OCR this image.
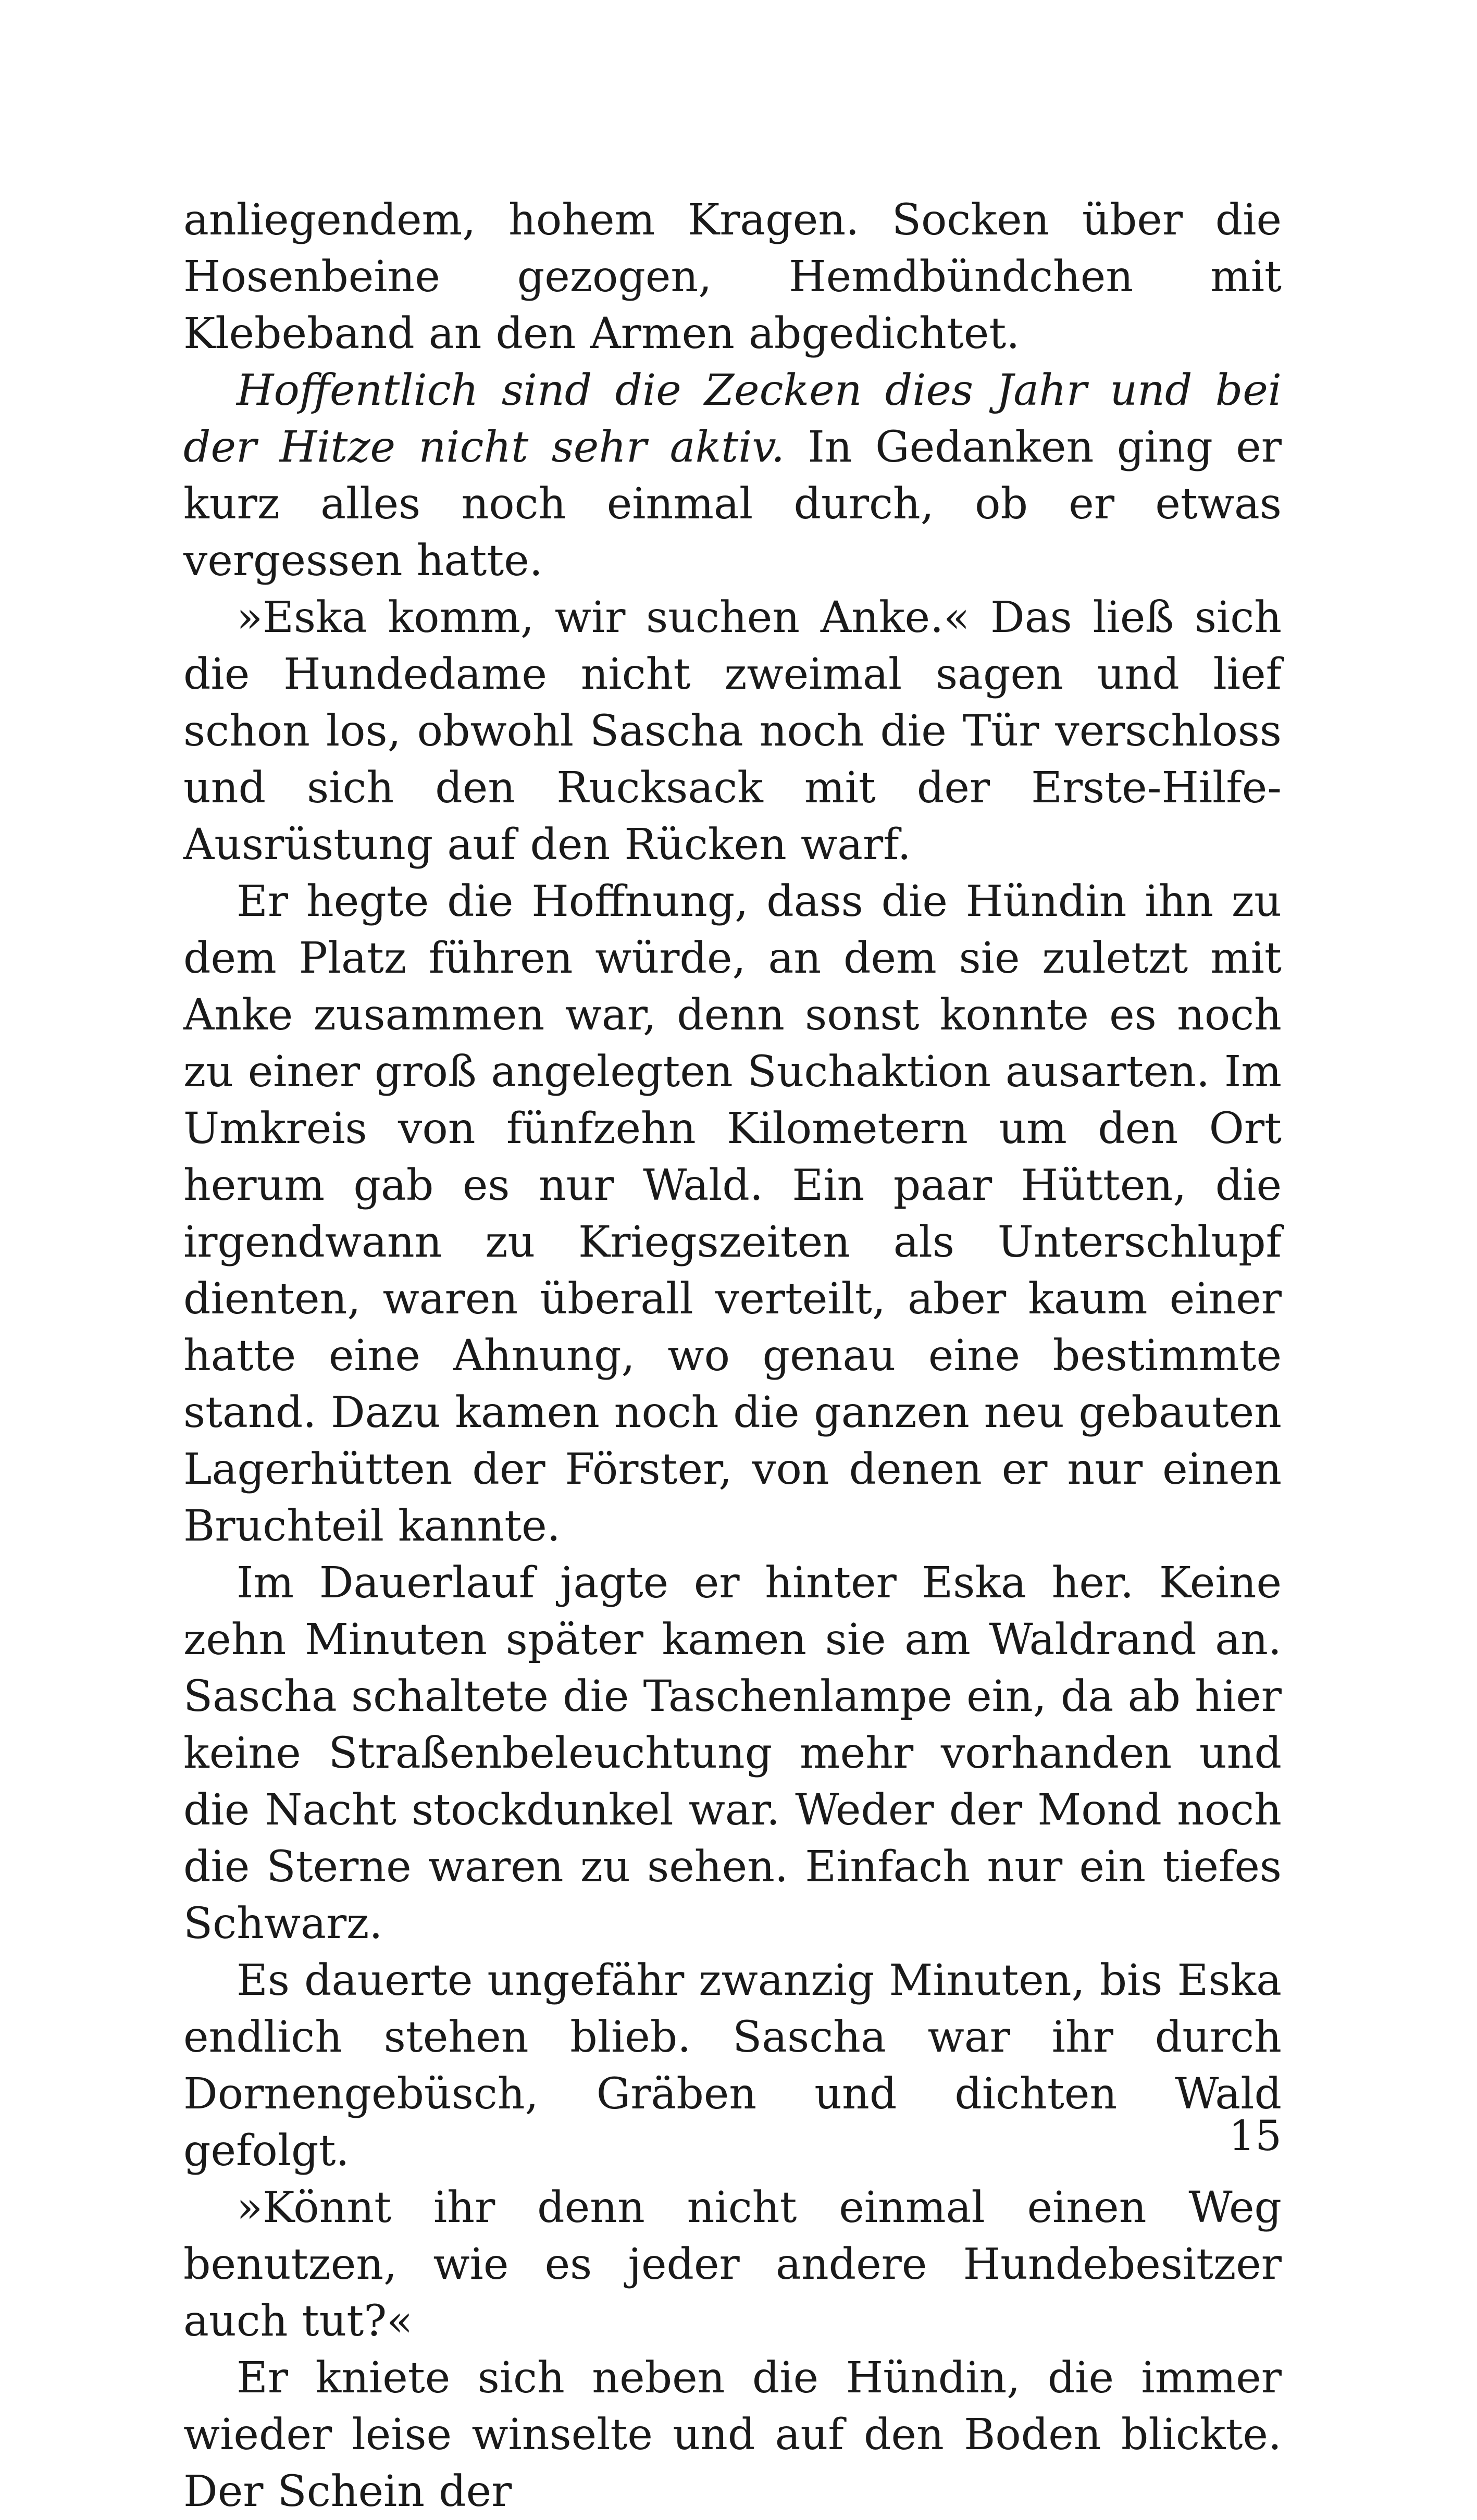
anliegendem, hohem Kragen. Socken über die Hosenbeine gezogen, Hemdbündchen mit Klebeband an den Armen abgedichtet.

Hoffentlich sind die Zecken dies Jahr und bei der Hitze nicht sehr aktiv. In Gedanken ging er kurz alles noch einmal durch, ob er etwas vergessen hatte.

»Eska komm, wir suchen Anke.« Das ließ sich die Hundedame nicht zweimal sagen und lief schon los, obwohl Sascha noch die Tür verschloss und sich den Rucksack mit der Erste-Hilfe-Ausrüstung auf den Rücken warf.

Er hegte die Hoffnung, dass die Hündin ihn zu dem Platz führen würde, an dem sie zuletzt mit Anke zusammen war, denn sonst konnte es noch zu einer groß angelegten Suchaktion ausarten. Im Umkreis von fünfzehn Kilometern um den Ort herum gab es nur Wald. Ein paar Hütten, die irgendwann zu Kriegszeiten als Unterschlupf dienten, waren überall verteilt, aber kaum einer hatte eine Ahnung, wo genau eine bestimmte stand. Dazu kamen noch die ganzen neu gebauten Lagerhütten der Förster, von denen er nur einen Bruchteil kannte.

Im Dauerlauf jagte er hinter Eska her. Keine zehn Minuten später kamen sie am Waldrand an. Sascha schaltete die Taschenlampe ein, da ab hier keine Straßenbeleuchtung mehr vorhanden und die Nacht stockdunkel war. Weder der Mond noch die Sterne waren zu sehen. Einfach nur ein tiefes Schwarz.

Es dauerte ungefähr zwanzig Minuten, bis Eska endlich stehen blieb. Sascha war ihr durch Dornengebüsch, Gräben und dichten Wald gefolgt.

»Könnt ihr denn nicht einmal einen Weg benutzen, wie es jeder andere Hundebesitzer auch tut?«

Er kniete sich neben die Hündin, die immer wieder leise winselte und auf den Boden blickte. Der Schein der

15
